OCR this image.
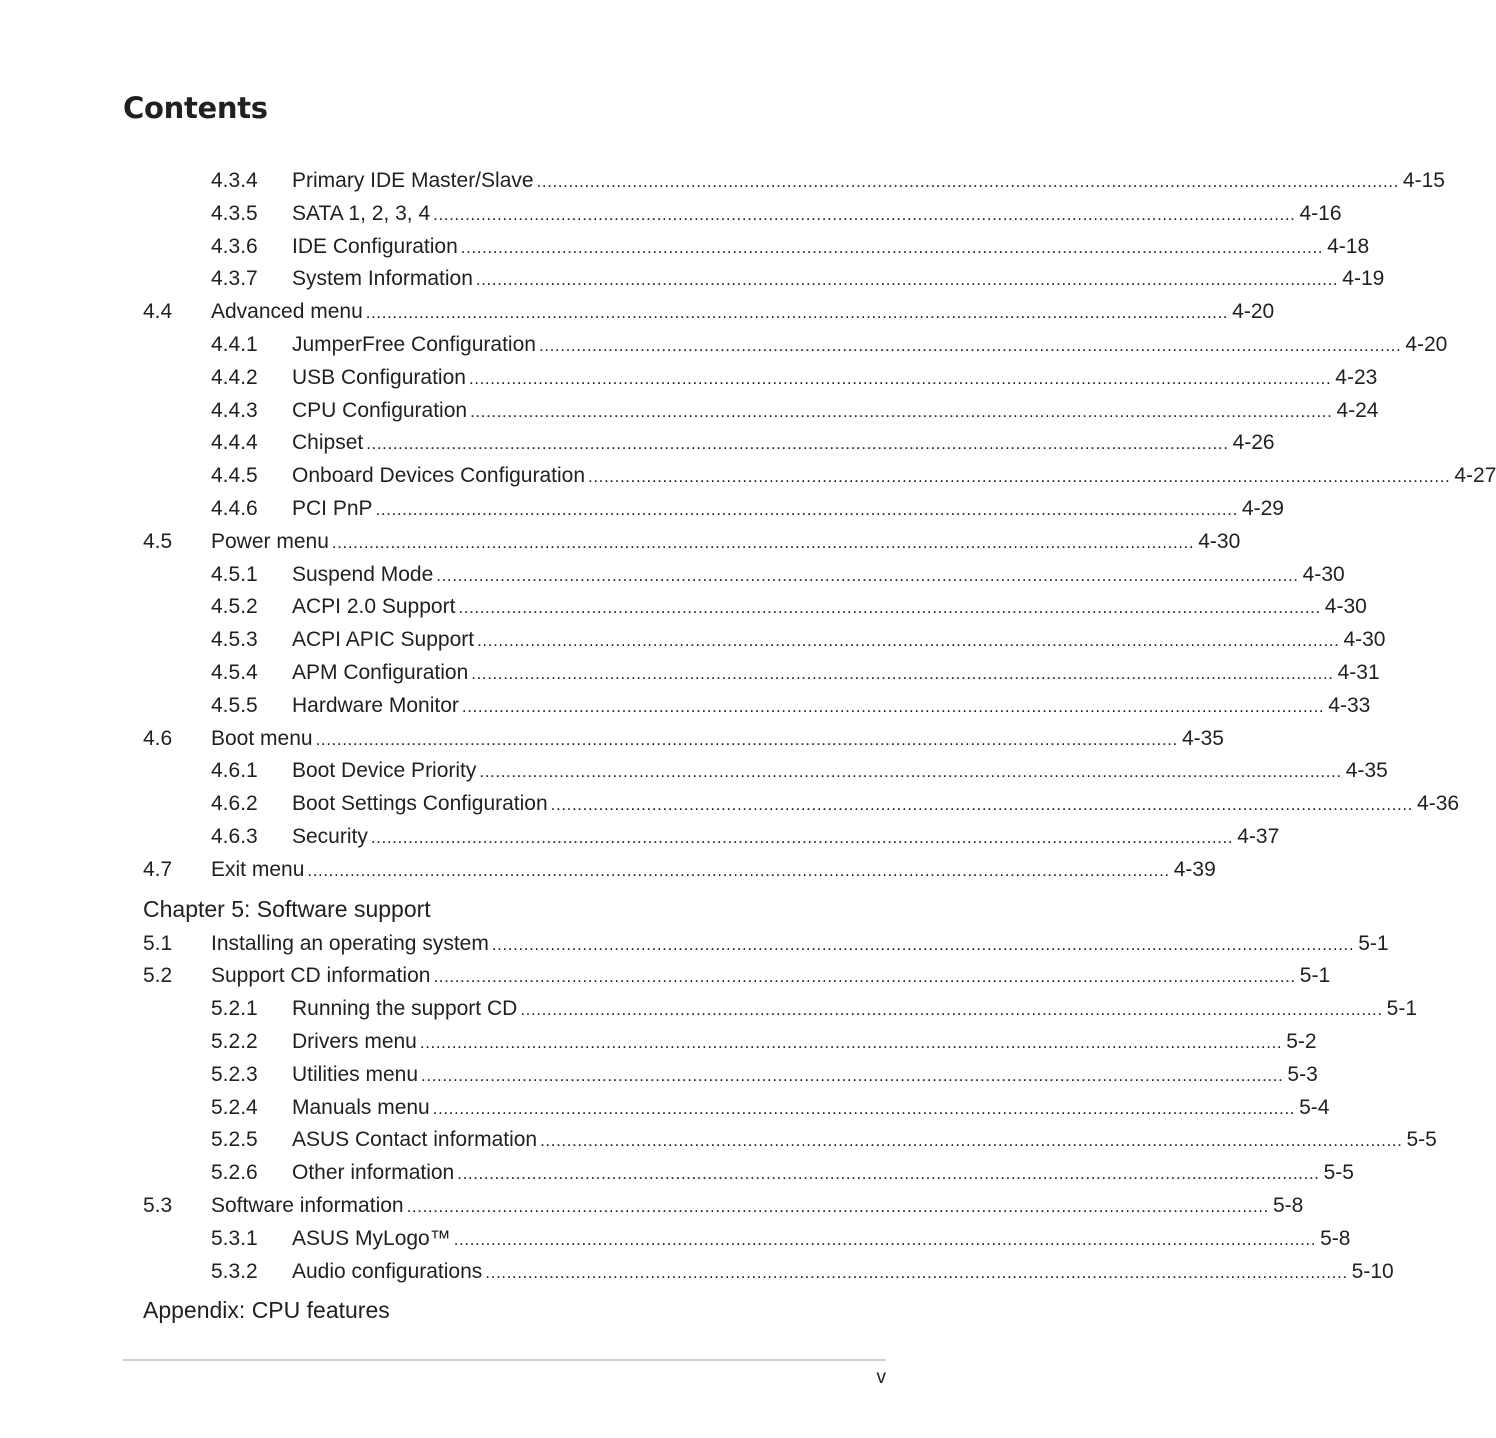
Contents
4.3.4	Primary IDE Master/Slave .................................................................................................................................................................. 4-15
4.3.5	SATA 1, 2, 3, 4 .................................................................................................................................................................. 4-16
4.3.6	IDE Configuration .................................................................................................................................................................. 4-18
4.3.7	System Information .................................................................................................................................................................. 4-19
4.4	Advanced menu .................................................................................................................................................................. 4-20
4.4.1	JumperFree Configuration .................................................................................................................................................................. 4-20
4.4.2	USB Configuration .................................................................................................................................................................. 4-23
4.4.3	CPU Configuration .................................................................................................................................................................. 4-24
4.4.4	Chipset .................................................................................................................................................................. 4-26
4.4.5	Onboard Devices Configuration .................................................................................................................................................................. 4-27
4.4.6	PCI PnP .................................................................................................................................................................. 4-29
4.5	Power menu .................................................................................................................................................................. 4-30
4.5.1	Suspend Mode .................................................................................................................................................................. 4-30
4.5.2	ACPI 2.0 Support .................................................................................................................................................................. 4-30
4.5.3	ACPI APIC Support .................................................................................................................................................................. 4-30
4.5.4	APM Configuration .................................................................................................................................................................. 4-31
4.5.5	Hardware Monitor .................................................................................................................................................................. 4-33
4.6	Boot menu .................................................................................................................................................................. 4-35
4.6.1	Boot Device Priority .................................................................................................................................................................. 4-35
4.6.2	Boot Settings Configuration .................................................................................................................................................................. 4-36
4.6.3	Security .................................................................................................................................................................. 4-37
4.7	Exit menu .................................................................................................................................................................. 4-39
Chapter 5: Software support
5.1	Installing an operating system .................................................................................................................................................................. 5-1
5.2	Support CD information .................................................................................................................................................................. 5-1
5.2.1	Running the support CD .................................................................................................................................................................. 5-1
5.2.2	Drivers menu .................................................................................................................................................................. 5-2
5.2.3	Utilities menu .................................................................................................................................................................. 5-3
5.2.4	Manuals menu .................................................................................................................................................................. 5-4
5.2.5	ASUS Contact information .................................................................................................................................................................. 5-5
5.2.6	Other information .................................................................................................................................................................. 5-5
5.3	Software information .................................................................................................................................................................. 5-8
5.3.1	ASUS MyLogo™ .................................................................................................................................................................. 5-8
5.3.2	Audio configurations .................................................................................................................................................................. 5-10
Appendix: CPU features
v
